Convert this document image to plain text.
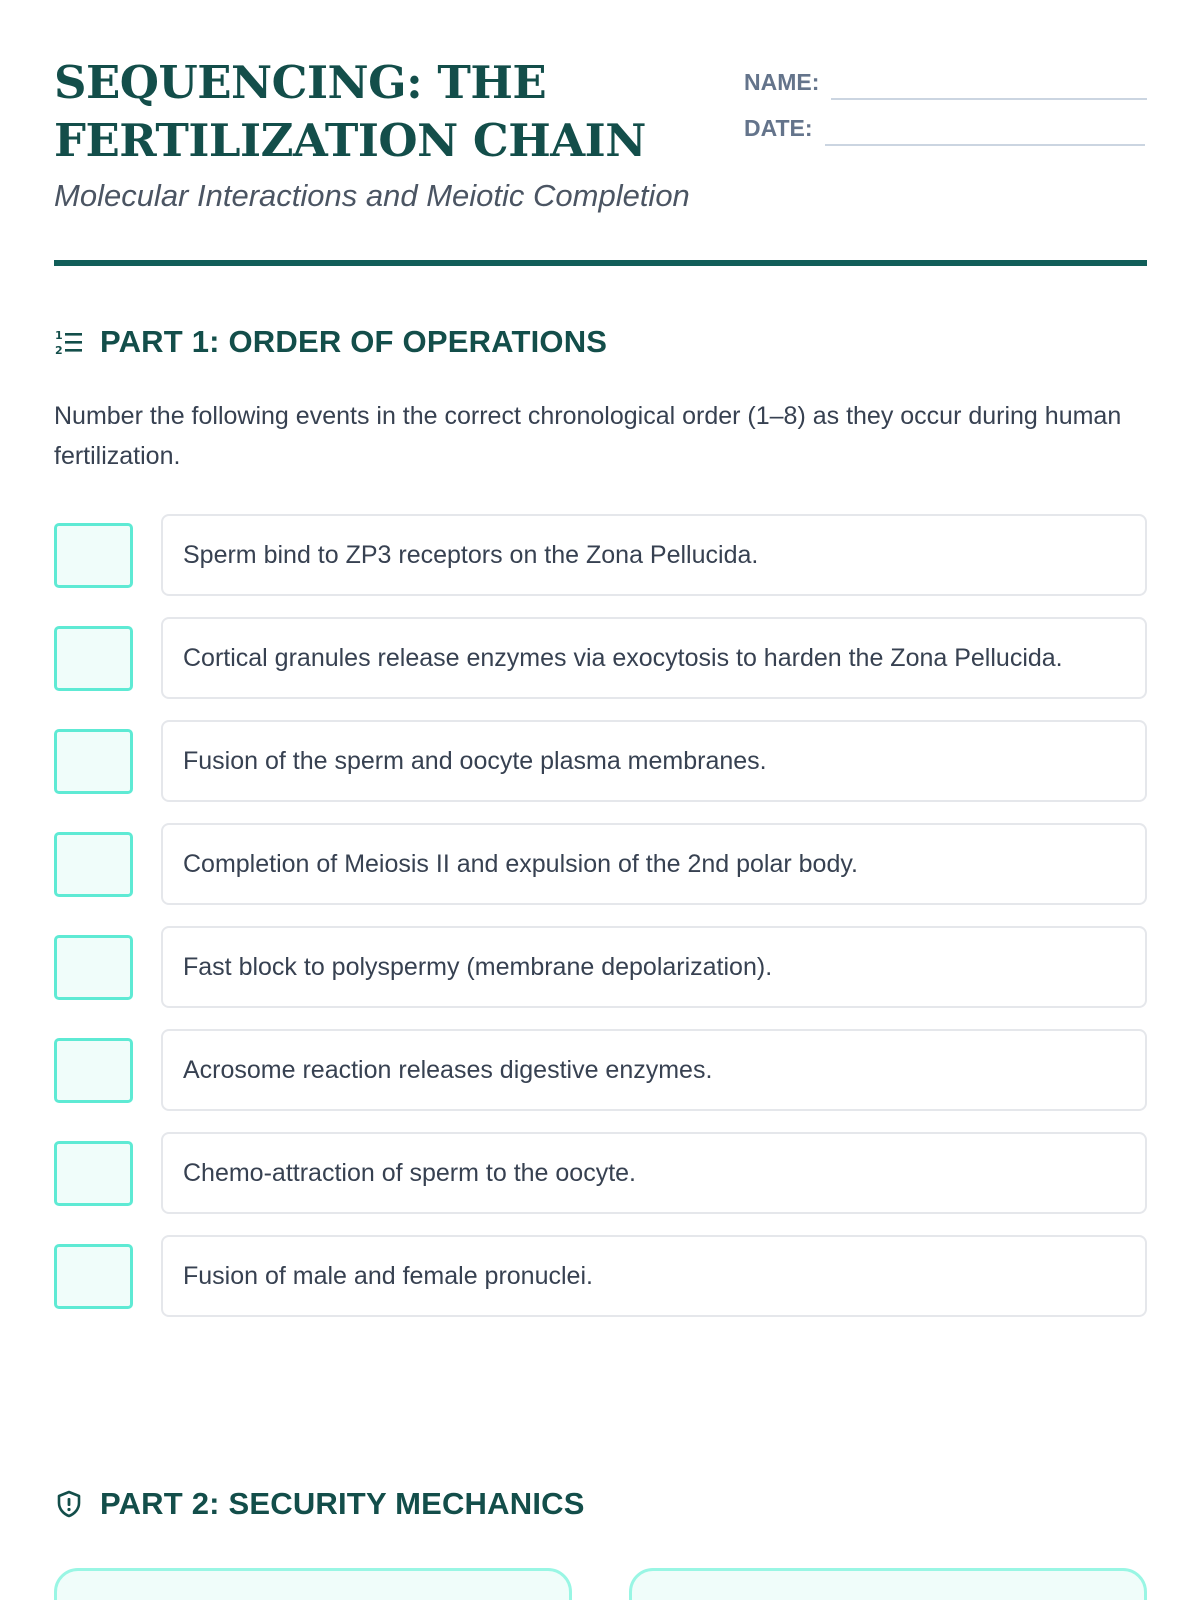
SEQUENCING: THE
FERTILIZATION CHAIN
Molecular Interactions and Meiotic Completion
NAME:
DATE:
1
2 PART 1: ORDER OF OPERATIONS

Number the following events in the correct chronological order (1–8) as they occur during human fertilization.

Sperm bind to ZP3 receptors on the Zona Pellucida.
Cortical granules release enzymes via exocytosis to harden the Zona Pellucida.
Fusion of the sperm and oocyte plasma membranes.
Completion of Meiosis II and expulsion of the 2nd polar body.
Fast block to polyspermy (membrane depolarization).
Acrosome reaction releases digestive enzymes.
Chemo-attraction of sperm to the oocyte.
Fusion of male and female pronuclei.
PART 2: SECURITY MECHANICS
